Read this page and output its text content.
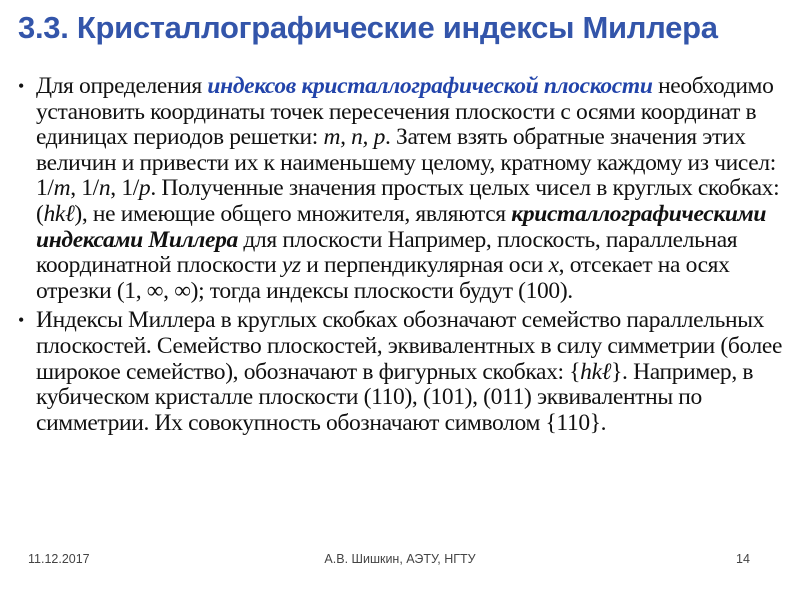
3.3. Кристаллографические индексы Миллера
• Для определения индексов кристаллографической плоскости необходимо установить координаты точек пересечения плоскости с осями координат в единицах периодов решетки: m, n, p. Затем взять обратные значения этих величин и привести их к наименьшему целому, кратному каждому из чисел: 1/m, 1/n, 1/p. Полученные значения простых целых чисел в круглых скобках: (hkℓ), не имеющие общего множителя, являются кристаллографическими индексами Миллера для плоскости Например, плоскость, параллельная координатной плоскости yz и перпендикулярная оси x, отсекает на осях отрезки (1, ∞, ∞); тогда индексы плоскости будут (100).
• Индексы Миллера в круглых скобках обозначают семейство параллельных плоскостей. Семейство плоскостей, эквивалентных в силу симметрии (более широкое семейство), обозначают в фигурных скобках: {hkℓ}. Например, в кубическом кристалле плоскости (110), (101), (011) эквивалентны по симметрии. Их совокупность обозначают символом {110}.
11.12.2017	А.В. Шишкин, АЭТУ, НГТУ	14
